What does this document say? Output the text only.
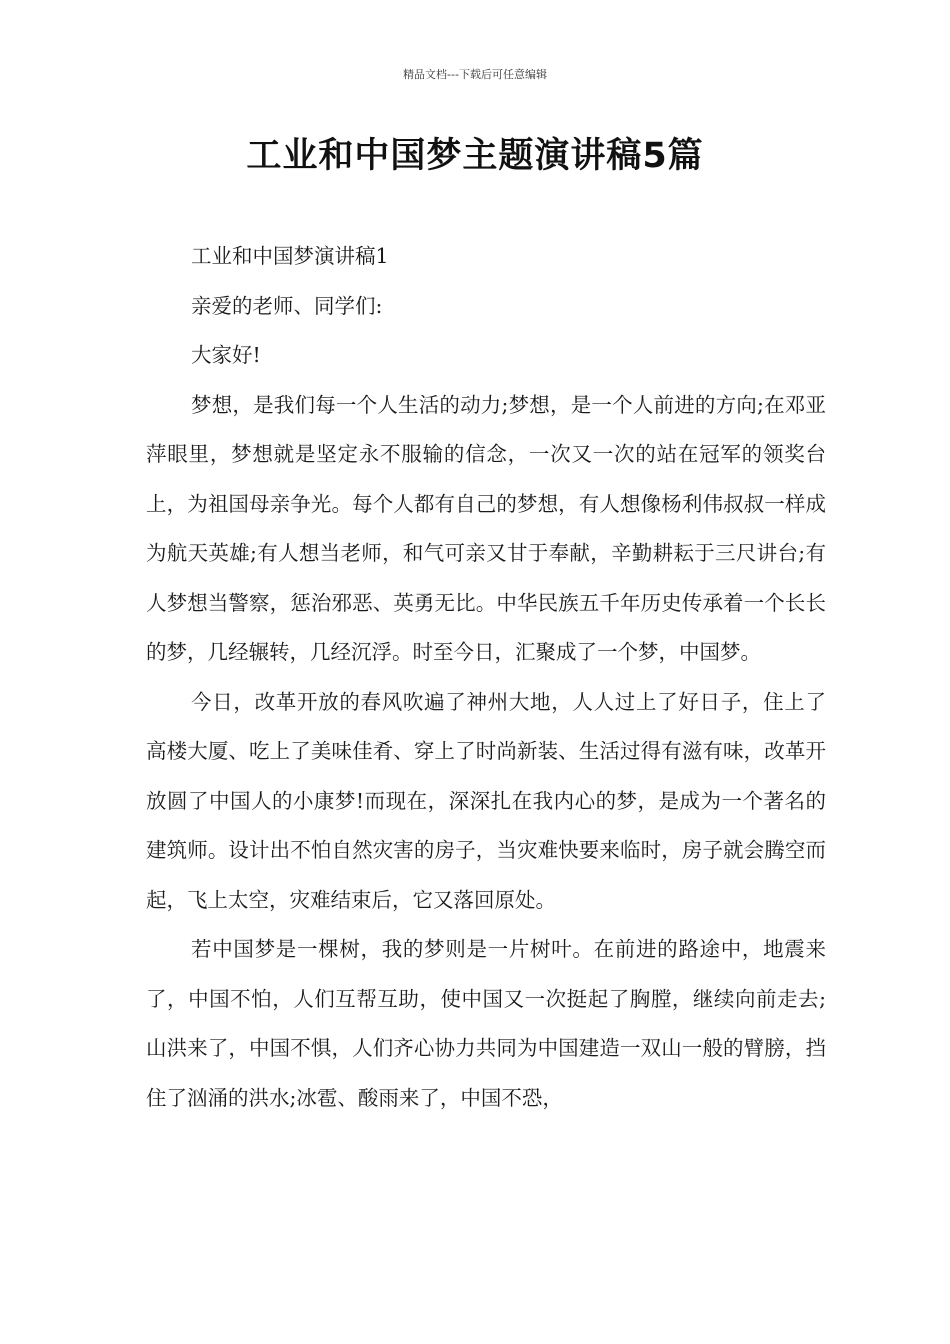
精品文档---下载后可任意编辑
工业和中国梦主题演讲稿5篇

工业和中国梦演讲稿1

亲爱的老师、同学们:

大家好!

梦想，是我们每一个人生活的动力;梦想，是一个人前进的方向;在邓亚萍眼里，梦想就是坚定永不服输的信念，一次又一次的站在冠军的领奖台上，为祖国母亲争光。每个人都有自己的梦想，有人想像杨利伟叔叔一样成为航天英雄;有人想当老师，和气可亲又甘于奉献，辛勤耕耘于三尺讲台;有人梦想当警察，惩治邪恶、英勇无比。中华民族五千年历史传承着一个长长的梦，几经辗转，几经沉浮。时至今日，汇聚成了一个梦，中国梦。

今日，改革开放的春风吹遍了神州大地，人人过上了好日子，住上了高楼大厦、吃上了美味佳肴、穿上了时尚新装、生活过得有滋有味，改革开放圆了中国人的小康梦!而现在，深深扎在我内心的梦，是成为一个著名的建筑师。设计出不怕自然灾害的房子，当灾难快要来临时，房子就会腾空而起，飞上太空，灾难结束后，它又落回原处。

若中国梦是一棵树，我的梦则是一片树叶。在前进的路途中，地震来了，中国不怕，人们互帮互助，使中国又一次挺起了胸膛，继续向前走去;山洪来了，中国不惧，人们齐心协力共同为中国建造一双山一般的臂膀，挡住了汹涌的洪水;冰雹、酸雨来了，中国不恐，
